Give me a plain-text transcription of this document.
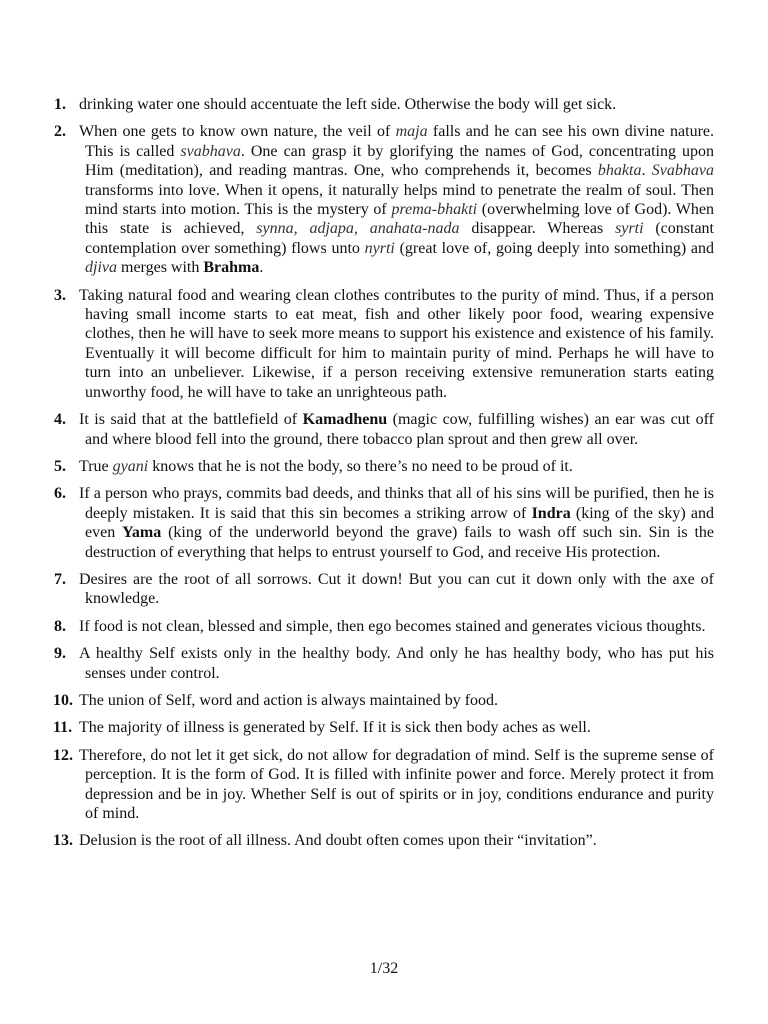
1. drinking water one should accentuate the left side. Otherwise the body will get sick.
2. When one gets to know own nature, the veil of maja falls and he can see his own divine nature. This is called svabhava. One can grasp it by glorifying the names of God, concentrating upon Him (meditation), and reading mantras. One, who comprehends it, becomes bhakta. Svabhava transforms into love. When it opens, it naturally helps mind to penetrate the realm of soul. Then mind starts into motion. This is the mystery of prema-bhakti (overwhelming love of God). When this state is achieved, synna, adjapa, anahata-nada disappear. Whereas syrti (constant contemplation over something) flows unto nyrti (great love of, going deeply into something) and djiva merges with Brahma.
3. Taking natural food and wearing clean clothes contributes to the purity of mind. Thus, if a person having small income starts to eat meat, fish and other likely poor food, wearing expensive clothes, then he will have to seek more means to support his existence and existence of his family. Eventually it will become difficult for him to maintain purity of mind. Perhaps he will have to turn into an unbeliever. Likewise, if a person receiving extensive remuneration starts eating unworthy food, he will have to take an unrighteous path.
4. It is said that at the battlefield of Kamadhenu (magic cow, fulfilling wishes) an ear was cut off and where blood fell into the ground, there tobacco plan sprout and then grew all over.
5. True gyani knows that he is not the body, so there’s no need to be proud of it.
6. If a person who prays, commits bad deeds, and thinks that all of his sins will be purified, then he is deeply mistaken. It is said that this sin becomes a striking arrow of Indra (king of the sky) and even Yama (king of the underworld beyond the grave) fails to wash off such sin. Sin is the destruction of everything that helps to entrust yourself to God, and receive His protection.
7. Desires are the root of all sorrows. Cut it down! But you can cut it down only with the axe of knowledge.
8. If food is not clean, blessed and simple, then ego becomes stained and generates vicious thoughts.
9. A healthy Self exists only in the healthy body. And only he has healthy body, who has put his senses under control.
10. The union of Self, word and action is always maintained by food.
11. The majority of illness is generated by Self. If it is sick then body aches as well.
12. Therefore, do not let it get sick, do not allow for degradation of mind. Self is the supreme sense of perception. It is the form of God. It is filled with infinite power and force. Merely protect it from depression and be in joy. Whether Self is out of spirits or in joy, conditions endurance and purity of mind.
13. Delusion is the root of all illness. And doubt often comes upon their “invitation”.
1/32
